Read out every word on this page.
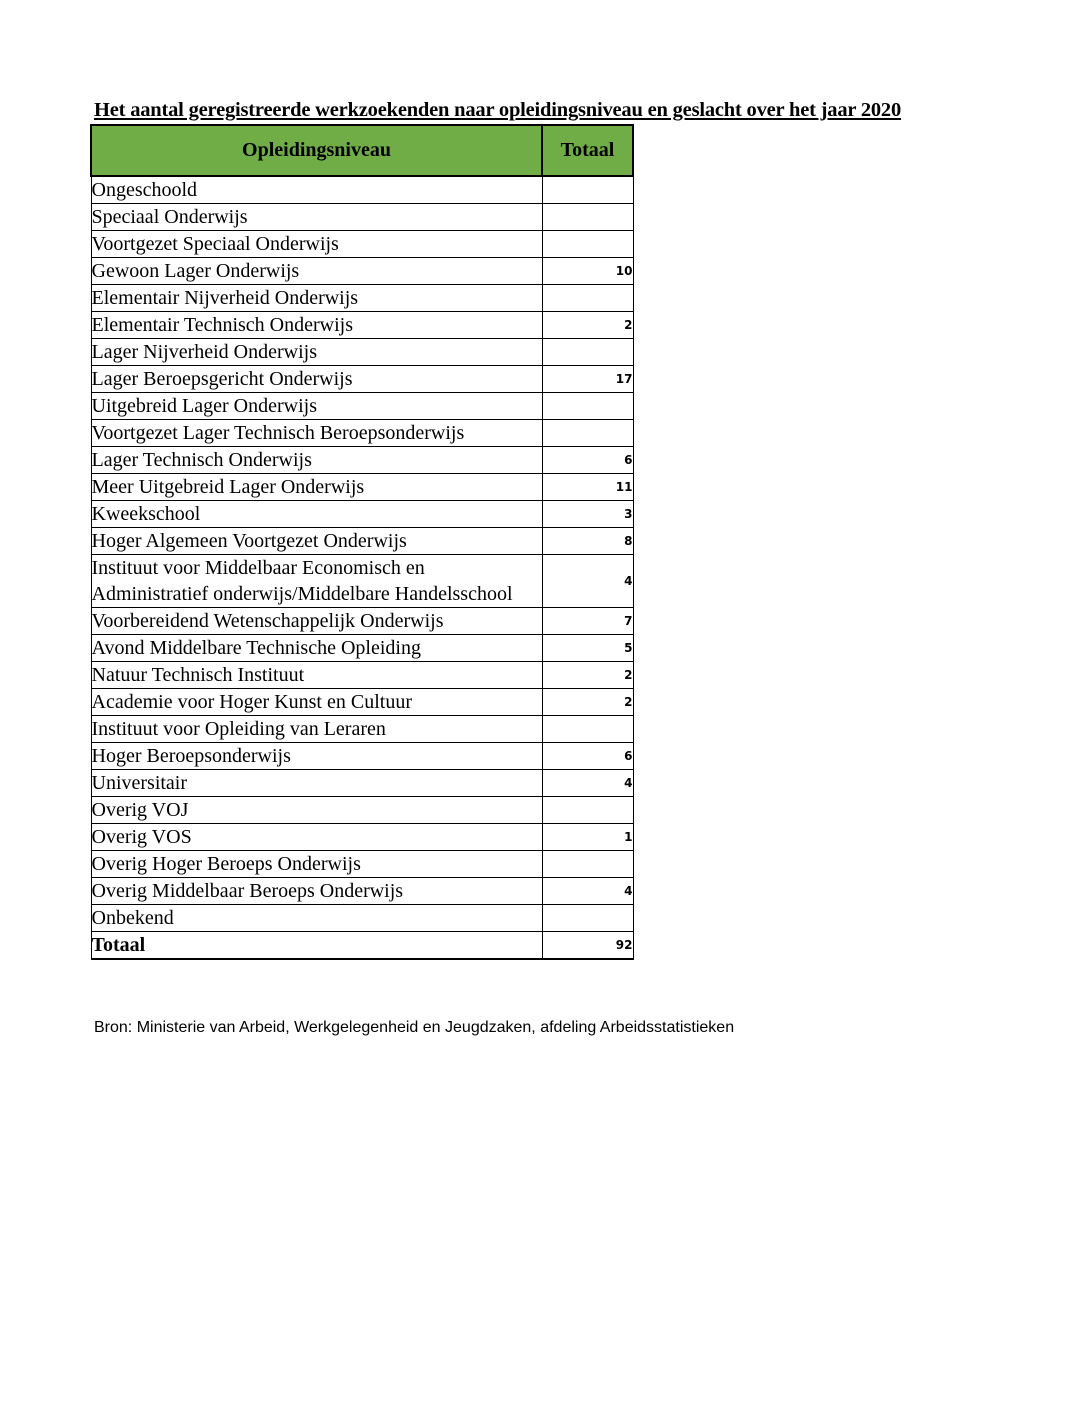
Het aantal geregistreerde werkzoekenden naar opleidingsniveau en geslacht over het jaar 2020
Opleidingsniveau	Totaal
Ongeschoold	
Speciaal Onderwijs	
Voortgezet Speciaal Onderwijs	
Gewoon Lager Onderwijs	10
Elementair Nijverheid Onderwijs	
Elementair Technisch Onderwijs	2
Lager Nijverheid Onderwijs	
Lager Beroepsgericht Onderwijs	17
Uitgebreid Lager Onderwijs	
Voortgezet Lager Technisch Beroepsonderwijs	
Lager Technisch Onderwijs	6
Meer Uitgebreid Lager Onderwijs	11
Kweekschool	3
Hoger Algemeen Voortgezet Onderwijs	8
Instituut voor Middelbaar Economisch en Administratief onderwijs/Middelbare Handelsschool	4
Voorbereidend Wetenschappelijk Onderwijs	7
Avond Middelbare Technische Opleiding	5
Natuur Technisch Instituut	2
Academie voor Hoger Kunst en Cultuur	2
Instituut voor Opleiding van Leraren	
Hoger Beroepsonderwijs	6
Universitair	4
Overig VOJ	
Overig VOS	1
Overig Hoger Beroeps Onderwijs	
Overig Middelbaar Beroeps Onderwijs	4
Onbekend	
Totaal	92
Bron: Ministerie van Arbeid, Werkgelegenheid en Jeugdzaken, afdeling Arbeidsstatistieken
